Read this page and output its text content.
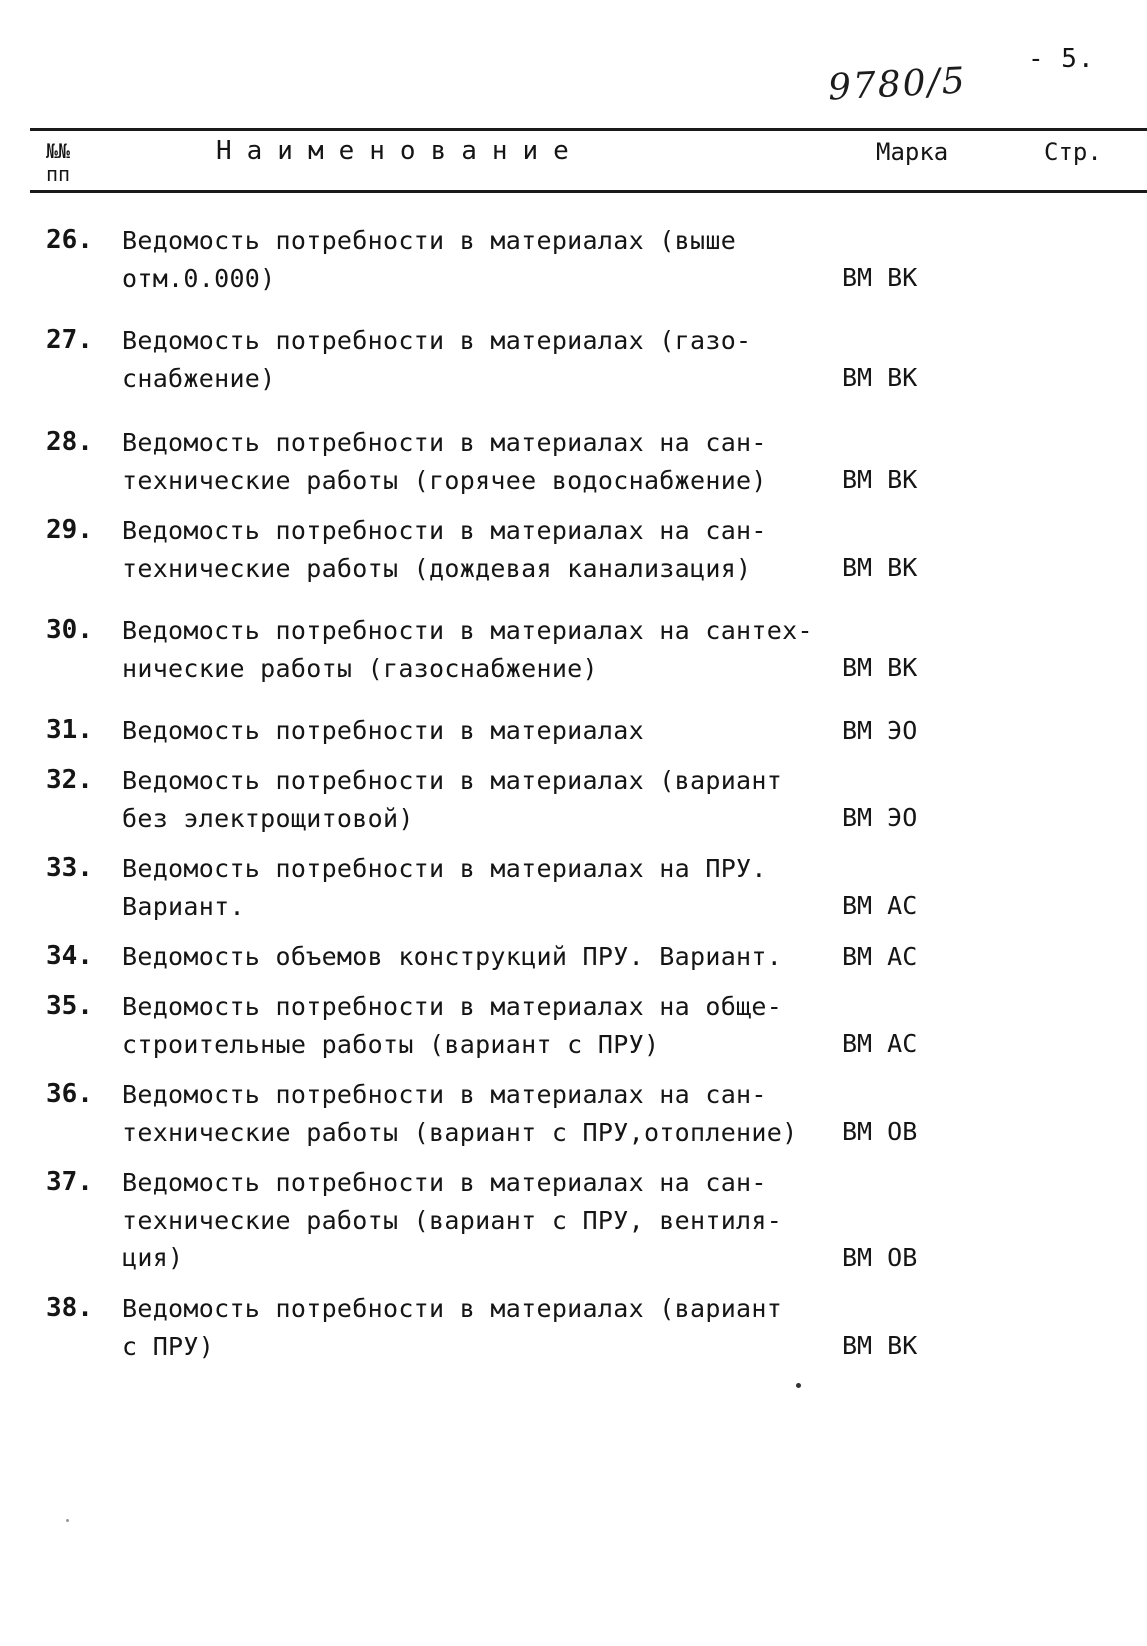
- 5.
9780/5
№№
пп
Наименование	Марка	Стр.
26. Ведомость потребности в материалах (выше
отм.0.000)	ВМ ВК
27. Ведомость потребности в материалах (газо-
снабжение)	ВМ ВК
28. Ведомость потребности в материалах на сан-
технические работы (горячее водоснабжение)	ВМ ВК
29. Ведомость потребности в материалах на сан-
технические работы (дождевая канализация)	ВМ ВК
30. Ведомость потребности в материалах на сантех-
нические работы (газоснабжение)	ВМ ВК
31. Ведомость потребности в материалах	ВМ ЭО
32. Ведомость потребности в материалах (вариант
без электрощитовой)	ВМ ЭО
33. Ведомость потребности в материалах на ПРУ.
Вариант.	ВМ АС
34. Ведомость объемов конструкций ПРУ. Вариант.	ВМ АС
35. Ведомость потребности в материалах на обще-
строительные работы (вариант с ПРУ)	ВМ АС
36. Ведомость потребности в материалах на сан-
технические работы (вариант с ПРУ,отопление)	ВМ ОВ
37. Ведомость потребности в материалах на сан-
технические работы (вариант с ПРУ, вентиля-
ция)	ВМ ОВ
38. Ведомость потребности в материалах (вариант
с ПРУ)	ВМ ВК
